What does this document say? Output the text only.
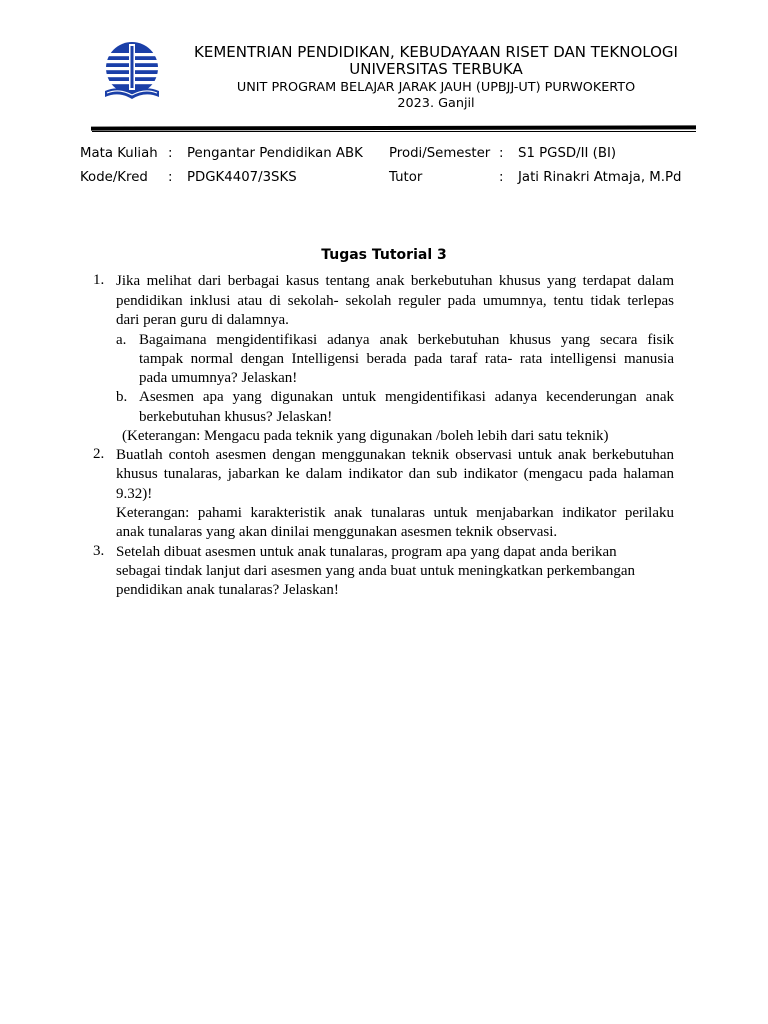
KEMENTRIAN PENDIDIKAN, KEBUDAYAAN RISET DAN TEKNOLOGI
UNIVERSITAS TERBUKA
UNIT PROGRAM BELAJAR JARAK JAUH (UPBJJ-UT) PURWOKERTO
2023. Ganjil
Mata Kuliah : Pengantar Pendidikan ABK Prodi/Semester : S1 PGSD/II (BI)
Kode/Kred : PDGK4407/3SKS	Tutor	: Jati Rinakri Atmaja, M.Pd
Tugas Tutorial 3
1. Jika melihat dari berbagai kasus tentang anak berkebutuhan khusus yang terdapat dalam
pendidikan inklusi atau di sekolah- sekolah reguler pada umumnya, tentu tidak terlepas
dari peran guru di dalamnya.
a. Bagaimana mengidentifikasi adanya anak berkebutuhan khusus yang secara fisik
tampak normal dengan Intelligensi berada pada taraf rata- rata intelligensi manusia
pada umumnya? Jelaskan!
b. Asesmen apa yang digunakan untuk mengidentifikasi adanya kecenderungan anak
berkebutuhan khusus? Jelaskan!
(Keterangan: Mengacu pada teknik yang digunakan /boleh lebih dari satu teknik)
2. Buatlah contoh asesmen dengan menggunakan teknik observasi untuk anak berkebutuhan
khusus tunalaras, jabarkan ke dalam indikator dan sub indikator (mengacu pada halaman
9.32)!
Keterangan: pahami karakteristik anak tunalaras untuk menjabarkan indikator perilaku
anak tunalaras yang akan dinilai menggunakan asesmen teknik observasi.
3. Setelah dibuat asesmen untuk anak tunalaras, program apa yang dapat anda berikan
sebagai tindak lanjut dari asesmen yang anda buat untuk meningkatkan perkembangan
pendidikan anak tunalaras? Jelaskan!
